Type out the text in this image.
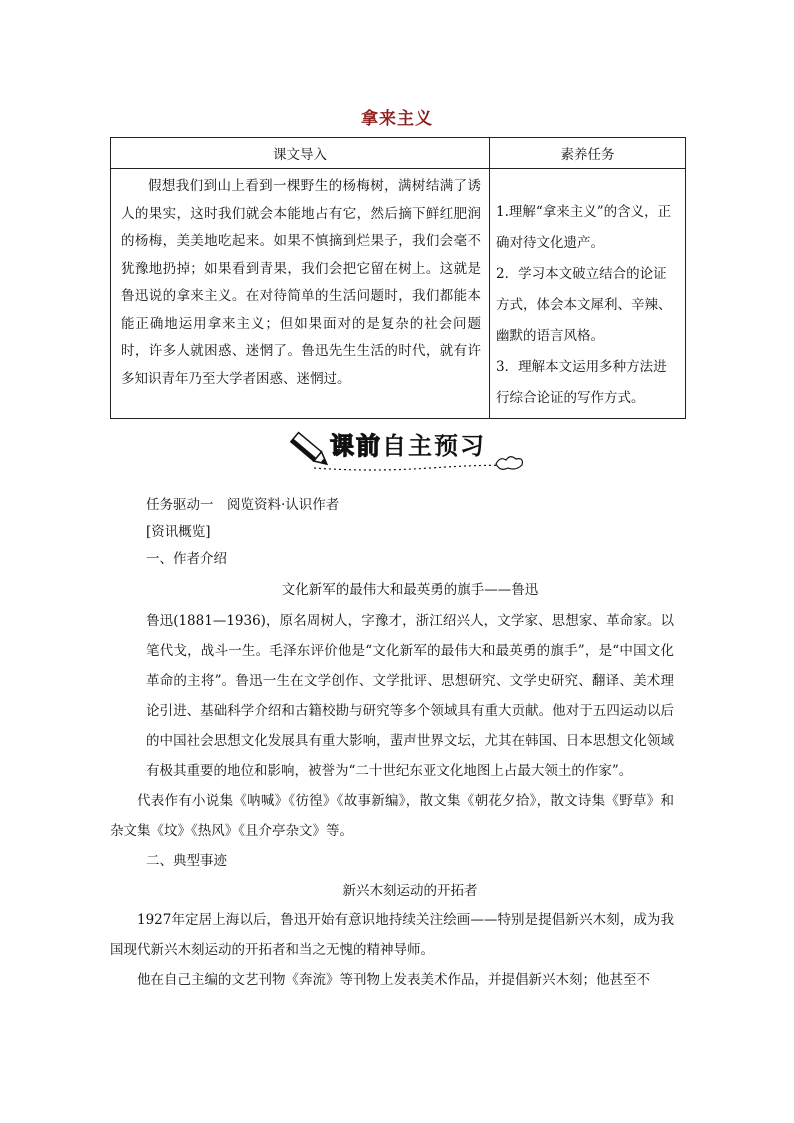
拿来主义
课文导入	素养任务

假想我们到山上看到一棵野生的杨梅树，满树结满了诱人的果实，这时我们就会本能地占有它，然后摘下鲜红肥润的杨梅，美美地吃起来。如果不慎摘到烂果子，我们会毫不犹豫地扔掉；如果看到青果，我们会把它留在树上。这就是鲁迅说的拿来主义。在对待简单的生活问题时，我们都能本能正确地运用拿来主义；但如果面对的是复杂的社会问题时，许多人就困惑、迷惘了。鲁迅先生生活的时代，就有许多知识青年乃至大学者困惑、迷惘过。	1.理解“拿来主义”的含义，正确对待文化遗产。

2．学习本文破立结合的论证方式，体会本文犀利、辛辣、幽默的语言风格。

3．理解本文运用多种方法进行综合论证的写作方式。

课前自主预习

任务驱动一　阅览资料·认识作者

[资讯概览]

一、作者介绍

文化新军的最伟大和最英勇的旗手——鲁迅

鲁迅(1881—1936)，原名周树人，字豫才，浙江绍兴人，文学家、思想家、革命家。以笔代戈，战斗一生。毛泽东评价他是“文化新军的最伟大和最英勇的旗手”，是“中国文化革命的主将”。鲁迅一生在文学创作、文学批评、思想研究、文学史研究、翻译、美术理论引进、基础科学介绍和古籍校勘与研究等多个领域具有重大贡献。他对于五四运动以后的中国社会思想文化发展具有重大影响，蜚声世界文坛，尤其在韩国、日本思想文化领域有极其重要的地位和影响，被誉为“二十世纪东亚文化地图上占最大领土的作家”。

代表作有小说集《呐喊》《彷徨》《故事新编》，散文集《朝花夕拾》，散文诗集《野草》和杂文集《坟》《热风》《且介亭杂文》等。

二、典型事迹

新兴木刻运动的开拓者

1927年定居上海以后，鲁迅开始有意识地持续关注绘画——特别是提倡新兴木刻，成为我国现代新兴木刻运动的开拓者和当之无愧的精神导师。

他在自己主编的文艺刊物《奔流》等刊物上发表美术作品，并提倡新兴木刻；他甚至不
